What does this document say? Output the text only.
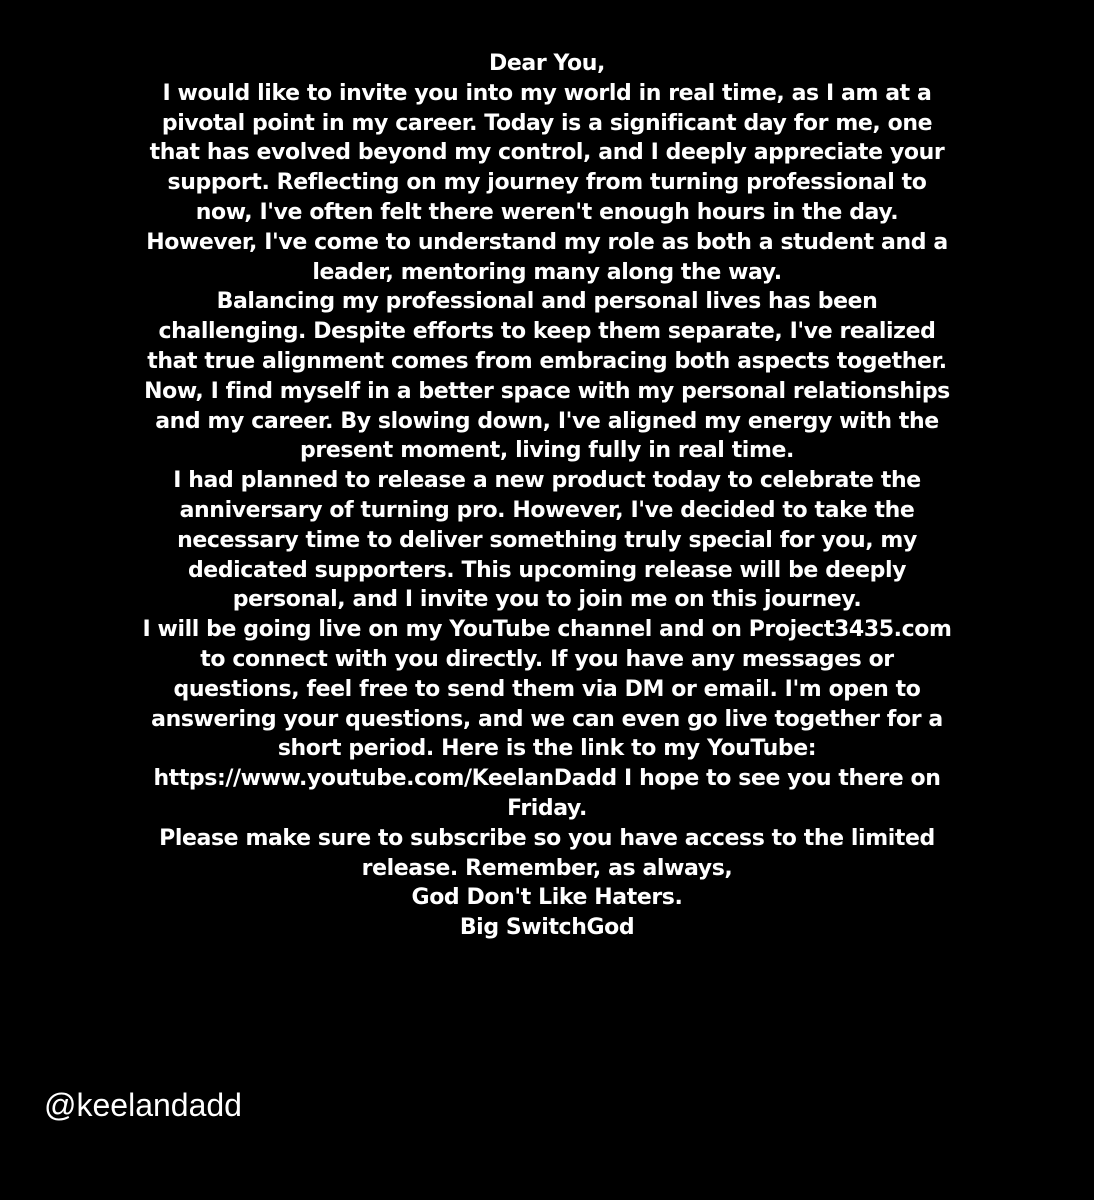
Dear You,

I would like to invite you into my world in real time, as I am at a pivotal point in my career. Today is a significant day for me, one that has evolved beyond my control, and I deeply appreciate your support. Reflecting on my journey from turning professional to now, I've often felt there weren't enough hours in the day. However, I've come to understand my role as both a student and a leader, mentoring many along the way.

Balancing my professional and personal lives has been challenging. Despite efforts to keep them separate, I've realized that true alignment comes from embracing both aspects together. Now, I find myself in a better space with my personal relationships and my career. By slowing down, I've aligned my energy with the present moment, living fully in real time.

I had planned to release a new product today to celebrate the anniversary of turning pro. However, I've decided to take the necessary time to deliver something truly special for you, my dedicated supporters. This upcoming release will be deeply personal, and I invite you to join me on this journey.

I will be going live on my YouTube channel and on Project3435.com to connect with you directly. If you have any messages or questions, feel free to send them via DM or email. I'm open to answering your questions, and we can even go live together for a short period. Here is the link to my YouTube: https://www.youtube.com/KeelanDadd I hope to see you there on Friday.

Please make sure to subscribe so you have access to the limited release. Remember, as always,

God Don't Like Haters.

Big SwitchGod

@keelandadd
